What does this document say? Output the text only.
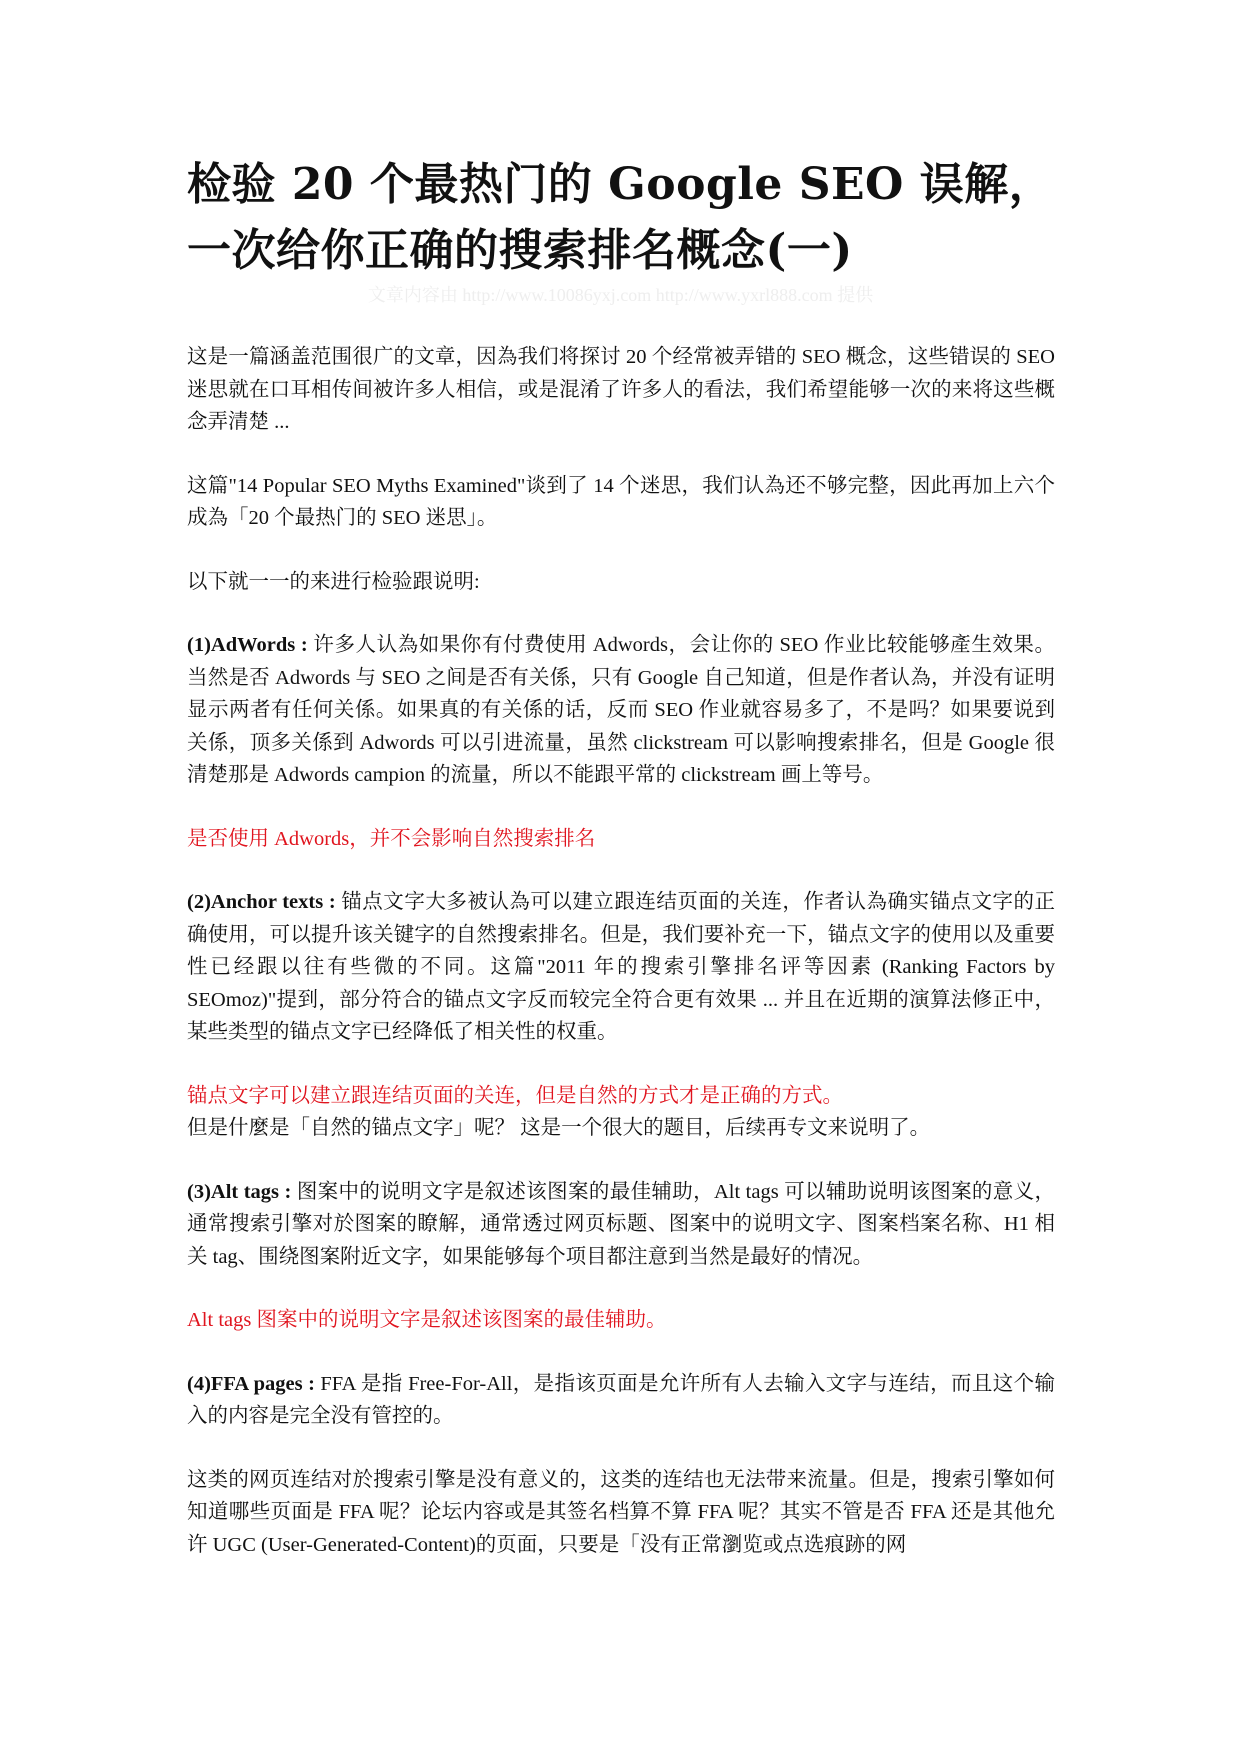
检验 20 个最热门的 Google SEO 误解，一次给你正确的搜索排名概念(一)
文章内容由 http://www.10086yxj.com http://www.yxrl888.com 提供

这是一篇涵盖范围很广的文章，因為我们将探讨 20 个经常被弄错的 SEO 概念，这些错误的 SEO 迷思就在口耳相传间被许多人相信，或是混淆了许多人的看法，我们希望能够一次的来将这些概念弄清楚 ...

这篇"14 Popular SEO Myths Examined"谈到了 14 个迷思，我们认為还不够完整，因此再加上六个成為「20 个最热门的 SEO 迷思」。

以下就一一的来进行检验跟说明:

(1)AdWords : 许多人认為如果你有付费使用 Adwords，会让你的 SEO 作业比较能够產生效果。当然是否 Adwords 与 SEO 之间是否有关係，只有 Google 自己知道，但是作者认為，并没有证明显示两者有任何关係。如果真的有关係的话，反而 SEO 作业就容易多了，不是吗？如果要说到关係，顶多关係到 Adwords 可以引进流量，虽然 clickstream 可以影响搜索排名，但是 Google 很清楚那是 Adwords campion 的流量，所以不能跟平常的 clickstream 画上等号。

是否使用 Adwords，并不会影响自然搜索排名

(2)Anchor texts : 锚点文字大多被认為可以建立跟连结页面的关连，作者认為确实锚点文字的正确使用，可以提升该关键字的自然搜索排名。但是，我们要补充一下，锚点文字的使用以及重要性已经跟以往有些微的不同。这篇"2011 年的搜索引擎排名评等因素 (Ranking Factors by SEOmoz)"提到，部分符合的锚点文字反而较完全符合更有效果 ... 并且在近期的演算法修正中，某些类型的锚点文字已经降低了相关性的权重。

锚点文字可以建立跟连结页面的关连，但是自然的方式才是正确的方式。

但是什麼是「自然的锚点文字」呢？ 这是一个很大的题目，后续再专文来说明了。

(3)Alt tags : 图案中的说明文字是叙述该图案的最佳辅助，Alt tags 可以辅助说明该图案的意义，通常搜索引擎对於图案的瞭解，通常透过网页标题、图案中的说明文字、图案档案名称、H1 相关 tag、围绕图案附近文字，如果能够每个项目都注意到当然是最好的情况。

Alt tags 图案中的说明文字是叙述该图案的最佳辅助。

(4)FFA pages : FFA 是指 Free-For-All，是指该页面是允许所有人去输入文字与连结，而且这个输入的内容是完全没有管控的。

这类的网页连结对於搜索引擎是没有意义的，这类的连结也无法带来流量。但是，搜索引擎如何知道哪些页面是 FFA 呢？论坛内容或是其签名档算不算 FFA 呢？其实不管是否 FFA 还是其他允许 UGC (User-Generated-Content)的页面，只要是「没有正常瀏览或点选痕跡的网
